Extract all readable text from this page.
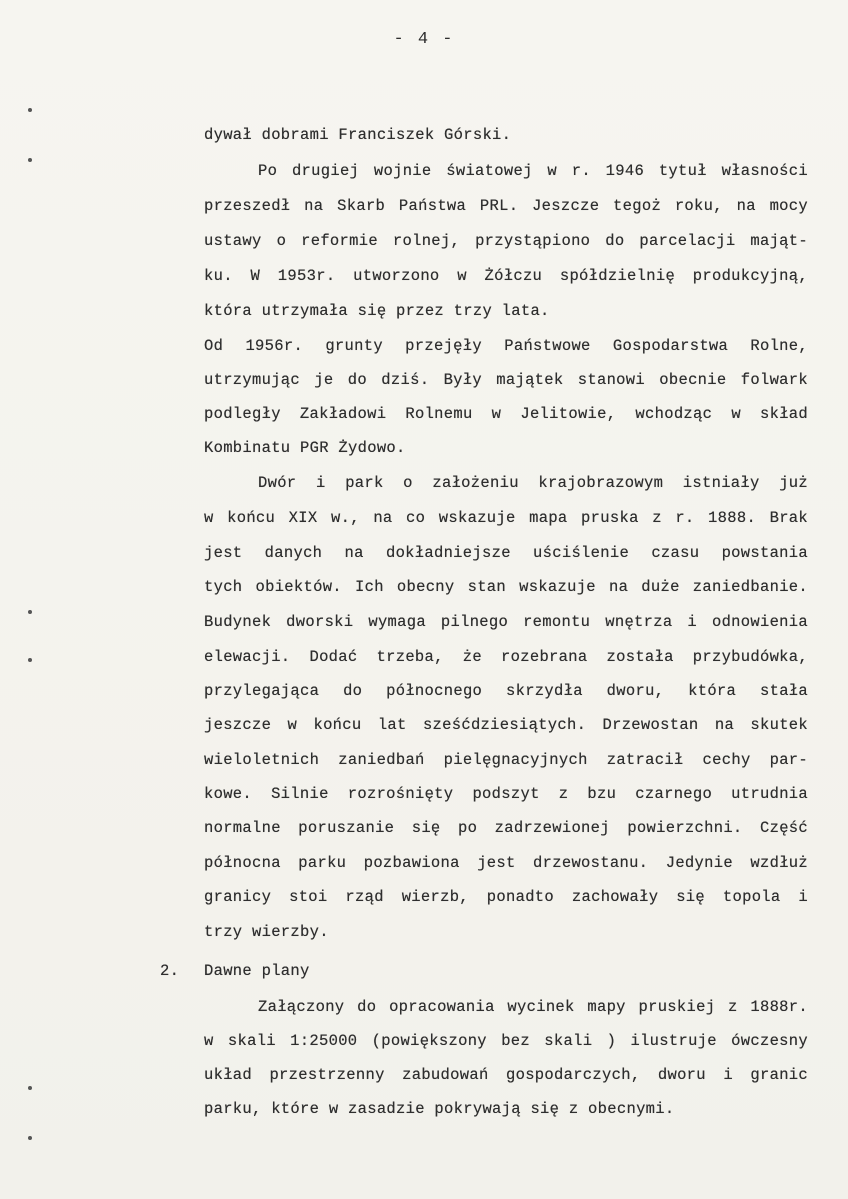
- 4 -
dywał dobrami Franciszek Górski.
Po drugiej wojnie światowej w r. 1946 tytuł własności
przeszedł na Skarb Państwa PRL. Jeszcze tegoż roku, na mocy
ustawy o reformie rolnej, przystąpiono do parcelacji mająt-
ku. W 1953r. utworzono w Żółczu spółdzielnię produkcyjną,
która utrzymała się przez trzy lata.
Od 1956r. grunty przejęły Państwowe Gospodarstwa Rolne,
utrzymując je do dziś. Były majątek stanowi obecnie folwark
podległy Zakładowi Rolnemu w Jelitowie, wchodząc w skład
Kombinatu PGR Żydowo.
Dwór i park o założeniu krajobrazowym istniały już
w końcu XIX w., na co wskazuje mapa pruska z r. 1888. Brak
jest danych na dokładniejsze uściślenie czasu powstania
tych obiektów. Ich obecny stan wskazuje na duże zaniedbanie.
Budynek dworski wymaga pilnego remontu wnętrza i odnowienia
elewacji. Dodać trzeba, że rozebrana została przybudówka,
przylegająca do północnego skrzydła dworu, która stała
jeszcze w końcu lat sześćdziesiątych. Drzewostan na skutek
wieloletnich zaniedbań pielęgnacyjnych zatracił cechy par-
kowe. Silnie rozrośnięty podszyt z bzu czarnego utrudnia
normalne poruszanie się po zadrzewionej powierzchni. Część
północna parku pozbawiona jest drzewostanu. Jedynie wzdłuż
granicy stoi rząd wierzb, ponadto zachowały się topola i
trzy wierzby.
2. Dawne plany
Załączony do opracowania wycinek mapy pruskiej z 1888r.
w skali 1:25000 (powiększony bez skali ) ilustruje ówczesny
układ przestrzenny zabudowań gospodarczych, dworu i granic
parku, które w zasadzie pokrywają się z obecnymi.
